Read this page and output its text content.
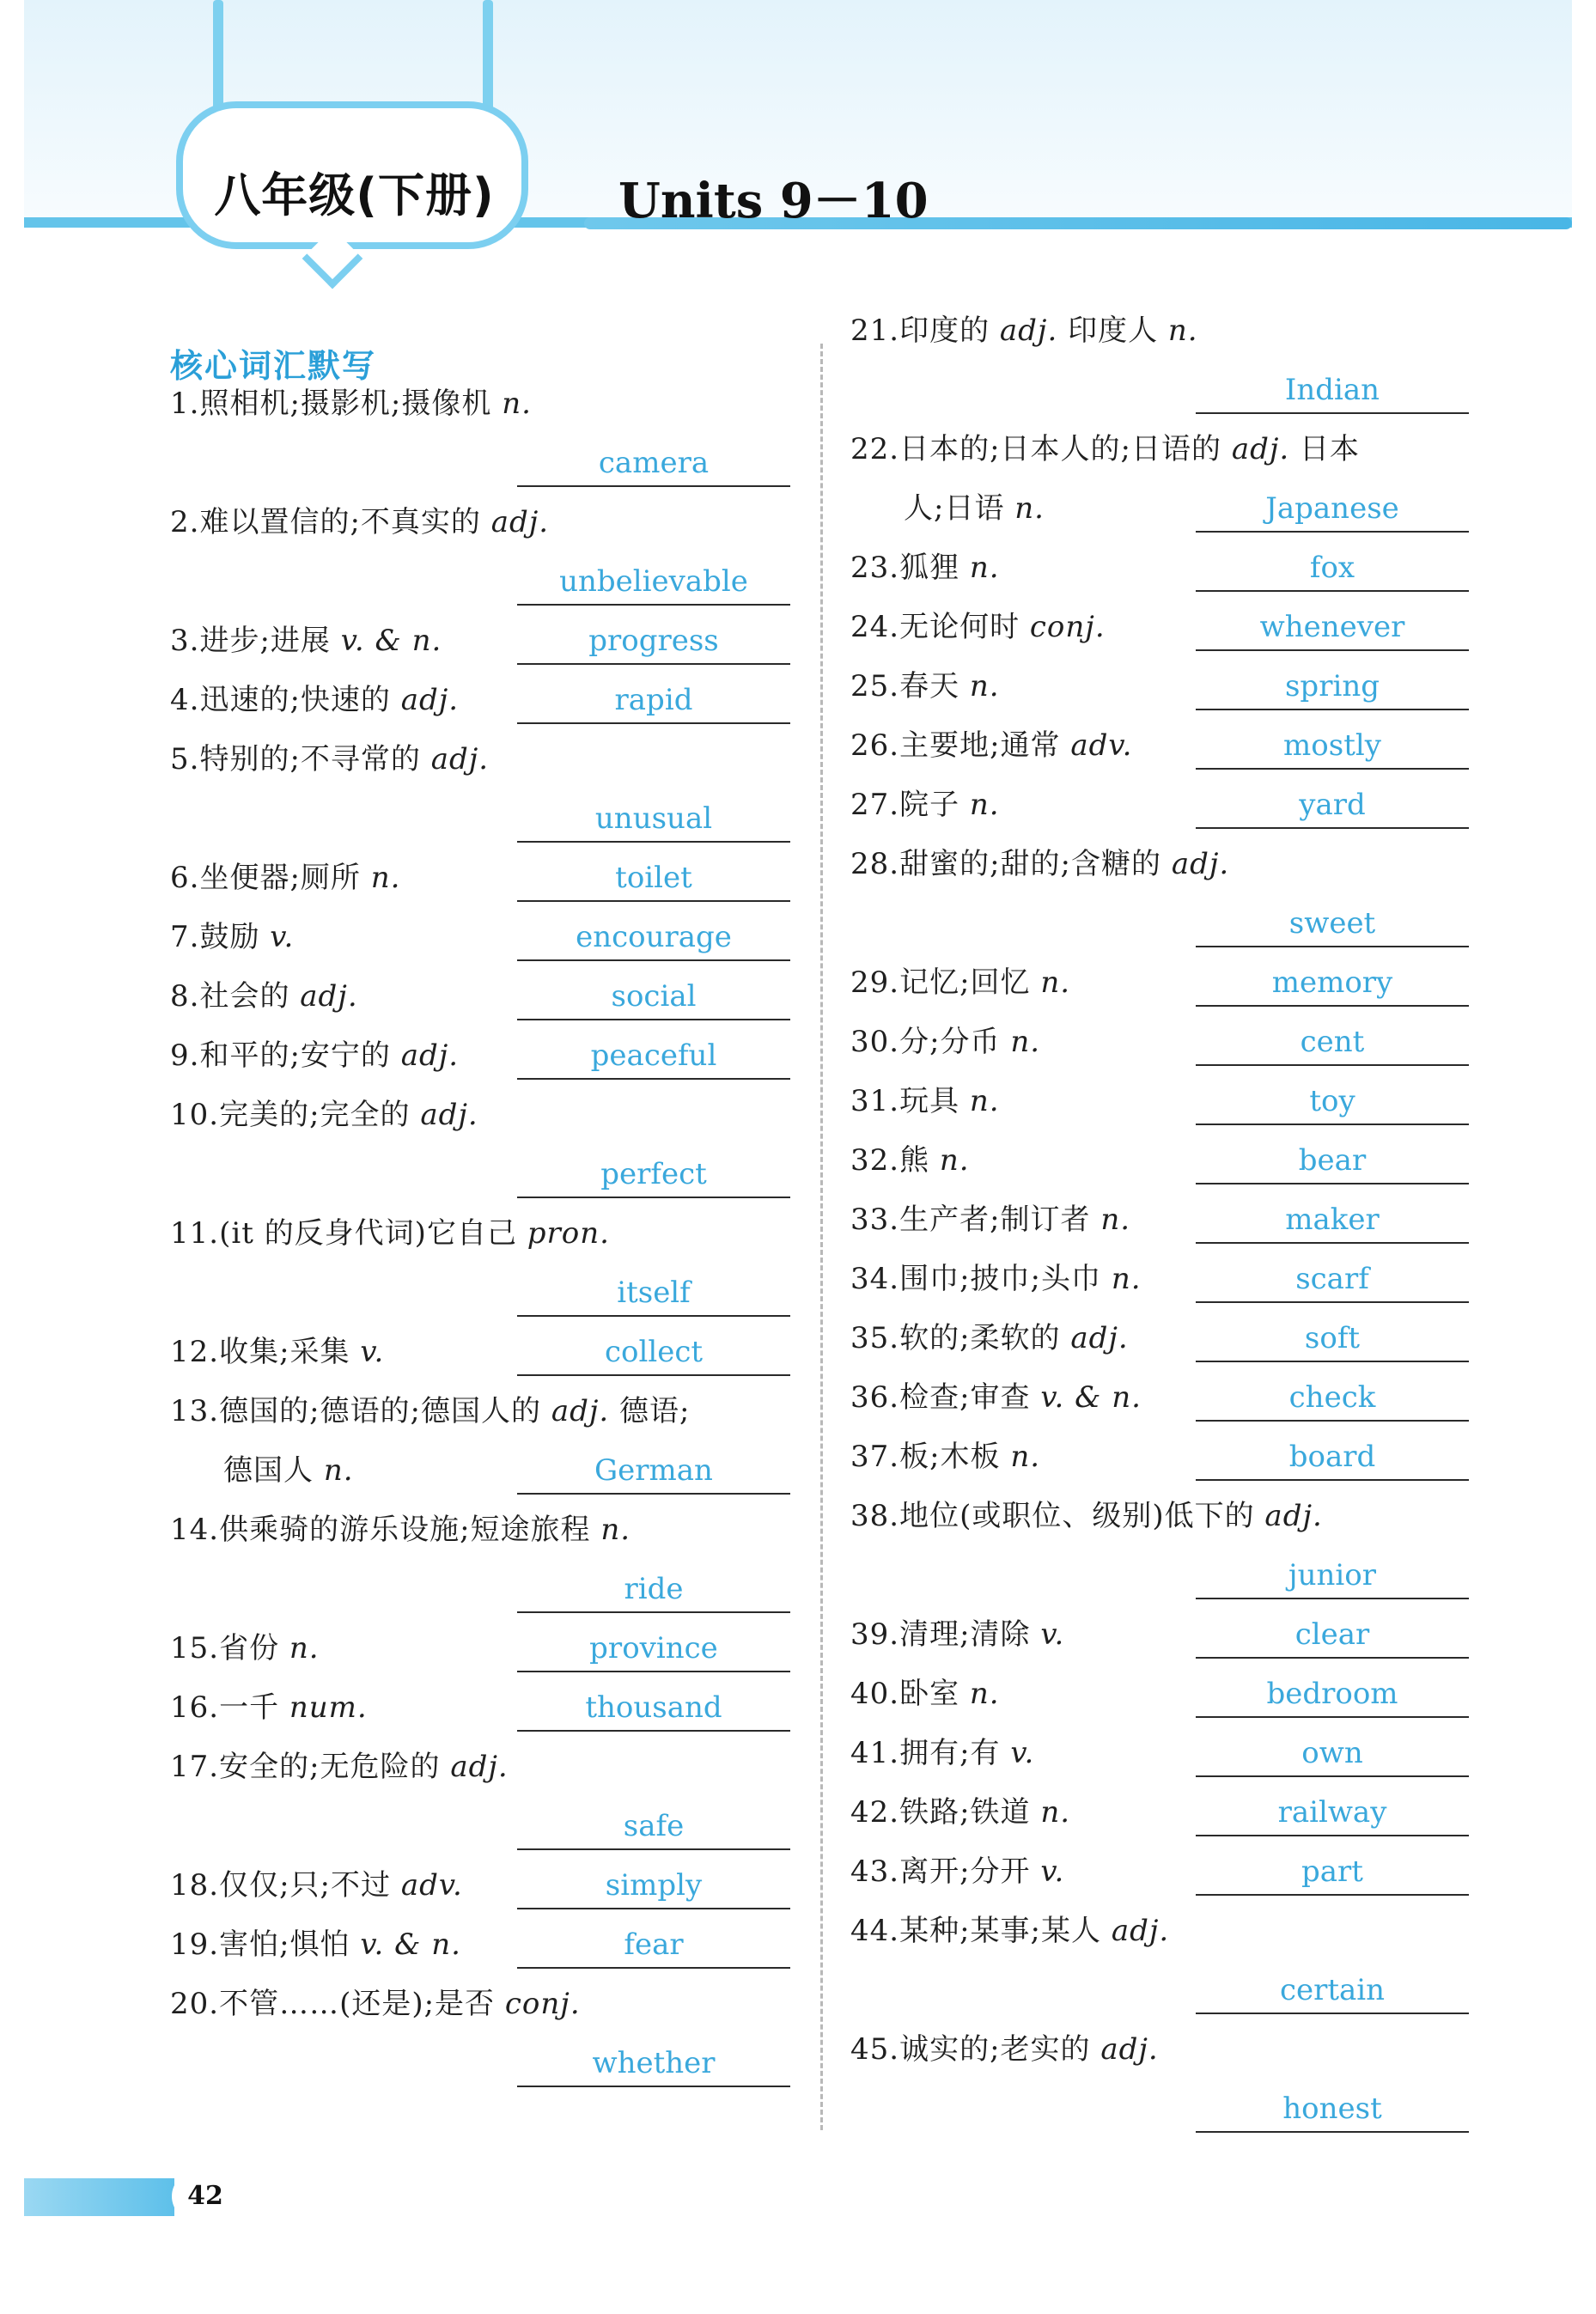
八年级(下册)	Units 9－10
核心词汇默写
1.照相机;摄影机;摄像机 n.
camera
2.难以置信的;不真实的 adj.
unbelievable
3.进步;进展 v. & n.	progress
4.迅速的;快速的 adj.	rapid
5.特别的;不寻常的 adj.
unusual
6.坐便器;厕所 n.	toilet
7.鼓励 v.	encourage
8.社会的 adj.	social
9.和平的;安宁的 adj.	peaceful
10.完美的;完全的 adj.
perfect
11.(it 的反身代词)它自己 pron.
itself
12.收集;采集 v.	collect
13.德国的;德语的;德国人的 adj. 德语;
德国人 n.	German
14.供乘骑的游乐设施;短途旅程 n.
ride
15.省份 n.	province
16.一千 num.	thousand
17.安全的;无危险的 adj.
safe
18.仅仅;只;不过 adv.	simply
19.害怕;惧怕 v. & n.	fear
20.不管……(还是);是否 conj.
whether
21.印度的 adj. 印度人 n.
Indian
22.日本的;日本人的;日语的 adj. 日本
人;日语 n.	Japanese
23.狐狸 n.	fox
24.无论何时 conj.	whenever
25.春天 n.	spring
26.主要地;通常 adv.	mostly
27.院子 n.	yard
28.甜蜜的;甜的;含糖的 adj.
sweet
29.记忆;回忆 n.	memory
30.分;分币 n.	cent
31.玩具 n.	toy
32.熊 n.	bear
33.生产者;制订者 n.	maker
34.围巾;披巾;头巾 n.	scarf
35.软的;柔软的 adj.	soft
36.检查;审查 v. & n.	check
37.板;木板 n.	board
38.地位(或职位、级别)低下的 adj.
junior
39.清理;清除 v.	clear
40.卧室 n.	bedroom
41.拥有;有 v.	own
42.铁路;铁道 n.	railway
43.离开;分开 v.	part
44.某种;某事;某人 adj.
certain
45.诚实的;老实的 adj.
honest
42
